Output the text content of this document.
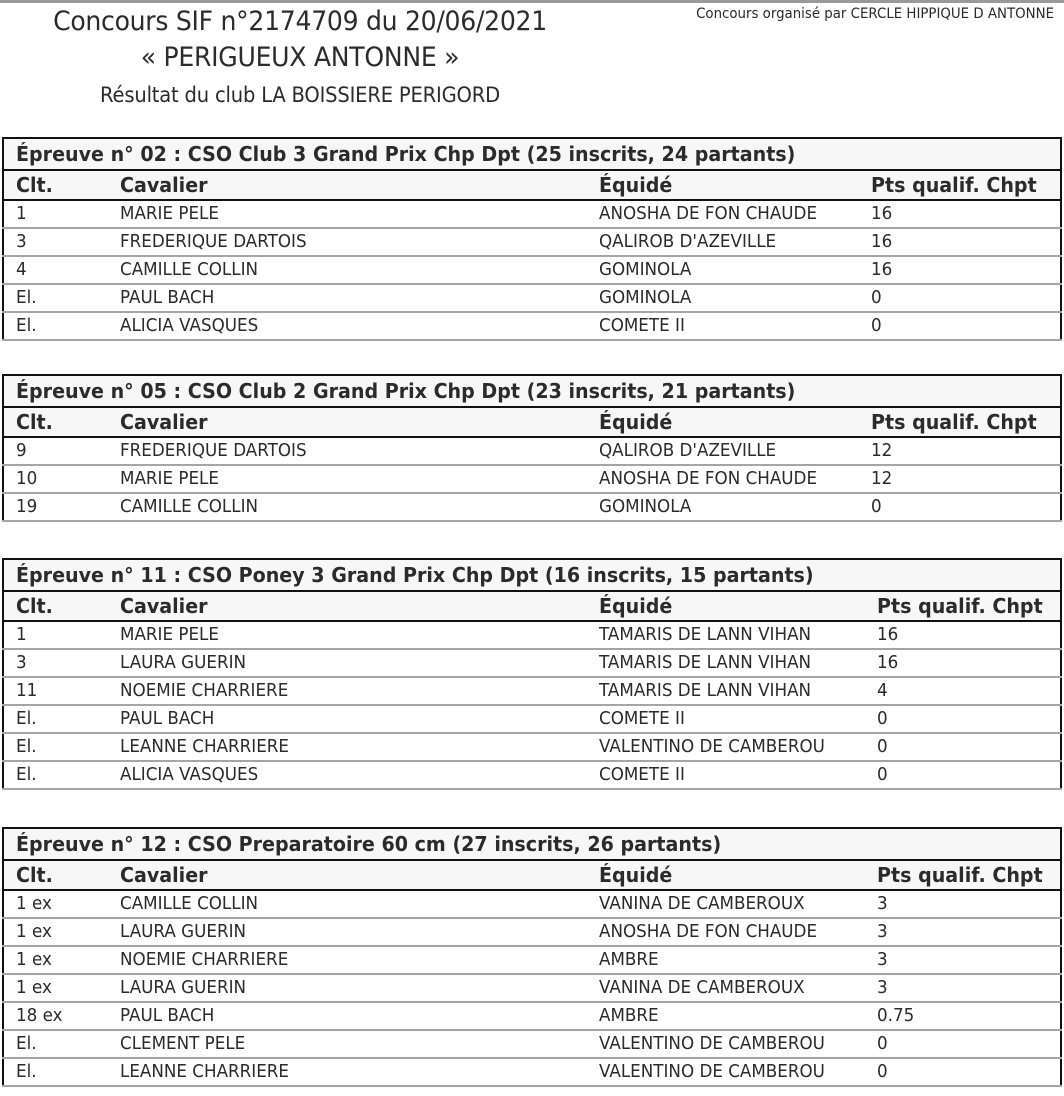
Concours SIF n°2174709 du 20/06/2021
« PERIGUEUX ANTONNE »
Résultat du club LA BOISSIERE PERIGORD
Concours organisé par CERCLE HIPPIQUE D ANTONNE
Épreuve n° 02 : CSO Club 3 Grand Prix Chp Dpt (25 inscrits, 24 partants)
Clt.	Cavalier	Équidé	Pts qualif. Chpt
1	MARIE PELE	ANOSHA DE FON CHAUDE	16
3	FREDERIQUE DARTOIS	QALIROB D'AZEVILLE	16
4	CAMILLE COLLIN	GOMINOLA	16
El.	PAUL BACH	GOMINOLA	0
El.	ALICIA VASQUES	COMETE II	0
Épreuve n° 05 : CSO Club 2 Grand Prix Chp Dpt (23 inscrits, 21 partants)
Clt.	Cavalier	Équidé	Pts qualif. Chpt
9	FREDERIQUE DARTOIS	QALIROB D'AZEVILLE	12
10	MARIE PELE	ANOSHA DE FON CHAUDE	12
19	CAMILLE COLLIN	GOMINOLA	0
Épreuve n° 11 : CSO Poney 3 Grand Prix Chp Dpt (16 inscrits, 15 partants)
Clt.	Cavalier	Équidé	Pts qualif. Chpt
1	MARIE PELE	TAMARIS DE LANN VIHAN	16
3	LAURA GUERIN	TAMARIS DE LANN VIHAN	16
11	NOEMIE CHARRIERE	TAMARIS DE LANN VIHAN	4
El.	PAUL BACH	COMETE II	0
El.	LEANNE CHARRIERE	VALENTINO DE CAMBEROU	0
El.	ALICIA VASQUES	COMETE II	0
Épreuve n° 12 : CSO Preparatoire 60 cm (27 inscrits, 26 partants)
Clt.	Cavalier	Équidé	Pts qualif. Chpt
1 ex	CAMILLE COLLIN	VANINA DE CAMBEROUX	3
1 ex	LAURA GUERIN	ANOSHA DE FON CHAUDE	3
1 ex	NOEMIE CHARRIERE	AMBRE	3
1 ex	LAURA GUERIN	VANINA DE CAMBEROUX	3
18 ex	PAUL BACH	AMBRE	0.75
El.	CLEMENT PELE	VALENTINO DE CAMBEROU	0
El.	LEANNE CHARRIERE	VALENTINO DE CAMBEROU	0
